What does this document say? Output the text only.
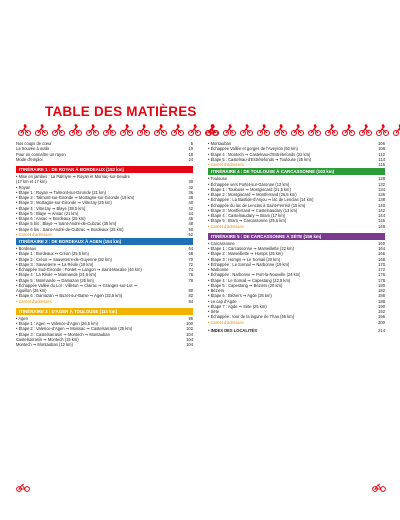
TABLE DES MATIÈRES
Nos coups de cœur	5
La trouvée à outils	10
Pour en connaître un rayon	18
Mode d'emploi	24
ITINÉRAIRE 1 : DE ROYAN À BORDEAUX (152 km)
• Mise en jambes : La Palmyre ➞ Royan et Mornac-sur-Seudre
(17 km et 17 km)	30
• Royan	32
• Étape 1 : Royan ➞ Talmont-sur-Gironde (21 km)	36
• Étape 2 : Talmont-sur-Gironde ➞ Mortagne-sur-Gironde (18 km)	38
• Étape 3 : Mortagne-sur-Gironde ➞ Vitrezay (25 km)	40
• Étape 4 : Vitrezay ➞ Blaye (38,5 km)	42
• Étape 5 : Blaye ➞ Ansac (21 km)	44
• Étape 6 : Ansac ➞ Bordeaux (25 km)	46
• Étape 5 bis : Blaye ➞ Saint-André-de-Cubzac (35 km)	48
• Étape 6 bis : Saint-André-de-Cubzac ➞ Bordeaux (25 km)	50
• Carnet d'adresses	52
ITINÉRAIRE 2 : DE BORDEAUX À AGEN (154 km)
• Bordeaux	64
• Étape 1 : Bordeaux ➞ Créon (25,5 km)	68
• Étape 2 : Créon ➞ Sauveterre-de-Guyenne (32 km)	70
• Étape 3 : Sauveterre ➞ La Réole (19 km)	72
• Échappée Sud-Gironde : Fontet ➞ Langon ➞ Saint-Macaire (40 km)	74
• Étape 4 : La Réole ➞ Marmande (21,5 km)	76
• Étape 5 : Marmande ➞ Damazan (25 km)	78
• Échappée Vallée du Lot : Villeton ➞ Clairac ➞ Granges-sur-Lot ➞
Aiguillon (35 km)	80
• Étape 6 : Damazan ➞ Buzet-sur-Baïse ➞ Agen (32,5 km)	82
• Carnet d'adresses	84
ITINÉRAIRE 3 : D'AGEN À TOULOUSE (114 km)
• Agen	96
• Étape 1 : Agen ➞ Valence-d'Agen (26,5 km)	100
• Étape 2 : Valence-d'Agen ➞ Moissac ➞ Castelsarrasin (25 km)	102
• Étape 3 : Castelsarrasin ➞ Montech ➞ Montauban	104
Castelsarrasin ➞ Montech (15 km)	104
Montech ➞ Montauban (12 km)	104
• Montauban	106
• Échappée Vallée et gorges de l'Aveyron (50 km)	108
• Étape 4 : Montech ➞ Castelnau-d'Estrétefonds (22 km)	112
• Étape 5 : Castelnau-d'Estrétefonds ➞ Toulouse (25 km)	114
• Carnet d'adresses	116
ITINÉRAIRE 4 : DE TOULOUSE À CARCASSONNE (103 km)
• Toulouse	128
• Échappée vers Portet-sur-Garonne (12 km)	132
• Étape 1 : Toulouse ➞ Montgiscard (21,5 km)	134
• Étape 2 : Montgiscard ➞ Montferrand (26,5 km)	136
• Échappée : La Bastide-d'Anjou ➞ lac de Lenclas (14 km)	138
• Échappée du lac de Lenclas à Saint-Ferréol (15 km)	140
• Étape 3 : Montferrand ➞ Castelnaudary (13 km)	142
• Étape 4 : Castelnaudary ➞ Bram (17 km)	144
• Étape 5 : Bram ➞ Carcassonne (25,5 km)	146
• Carnet d'adresses	148
ITINÉRAIRE 5 : DE CARCASSONNE À SÈTE (156 km)
• Carcassonne	160
• Étape 1 : Carcassonne ➞ Marseillette (22 km)	164
• Étape 2 : Marseillette ➞ Homps (26 km)	166
• Étape 3 : Homps ➞ Le Somail (20 km)	168
• Échappée : Le Somail ➞ Narbonne (19 km)	170
• Narbonne	172
• Échappée : Narbonne ➞ Port-la-Nouvelle (24 km)	176
• Étape 4 : Le Somail ➞ Capestang (22,5 km)	178
• Étape 5 : Capestang ➞ Béziers (20 km)	180
• Béziers	182
• Étape 6 : Béziers ➞ Agde (26 km)	186
• Le cap d'Agde	188
• Étape 7 : Agde ➞ Sète (25 km)	190
• Sète	192
• Échappée : tour de la lagune de Thau (55 km)	196
• Carnet d'adresses	200
• INDEX DES LOCALITÉS	214
